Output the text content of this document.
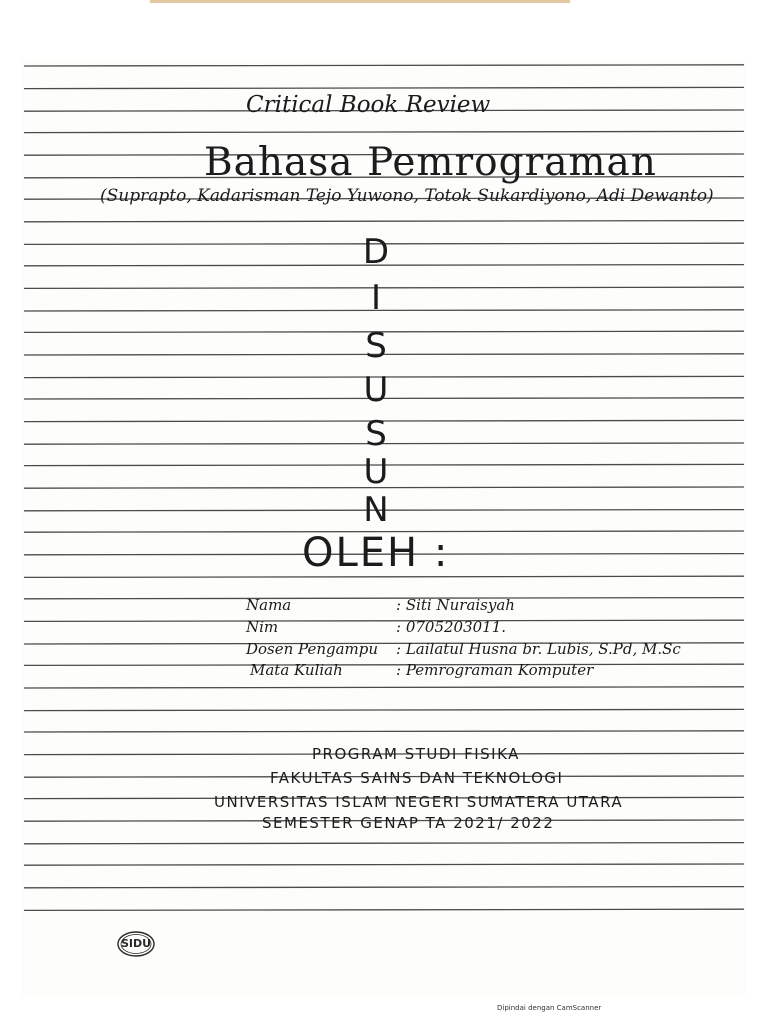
Critical Book Review
Bahasa Pemrograman
(Suprapto, Kadarisman Tejo Yuwono, Totok Sukardiyono, Adi Dewanto)
D
I
S
U
S
U
N
OLEH :
Nama	: Siti Nuraisyah
Nim	: 0705203011.
Dosen Pengampu : Lailatul Husna br. Lubis, S.Pd, M.Sc
Mata Kuliah	: Pemrograman Komputer
PROGRAM STUDI FISIKA
FAKULTAS SAINS DAN TEKNOLOGI
UNIVERSITAS ISLAM NEGERI SUMATERA UTARA
SEMESTER GENAP TA 2021/ 2022
SIDU
Dipindai dengan CamScanner
